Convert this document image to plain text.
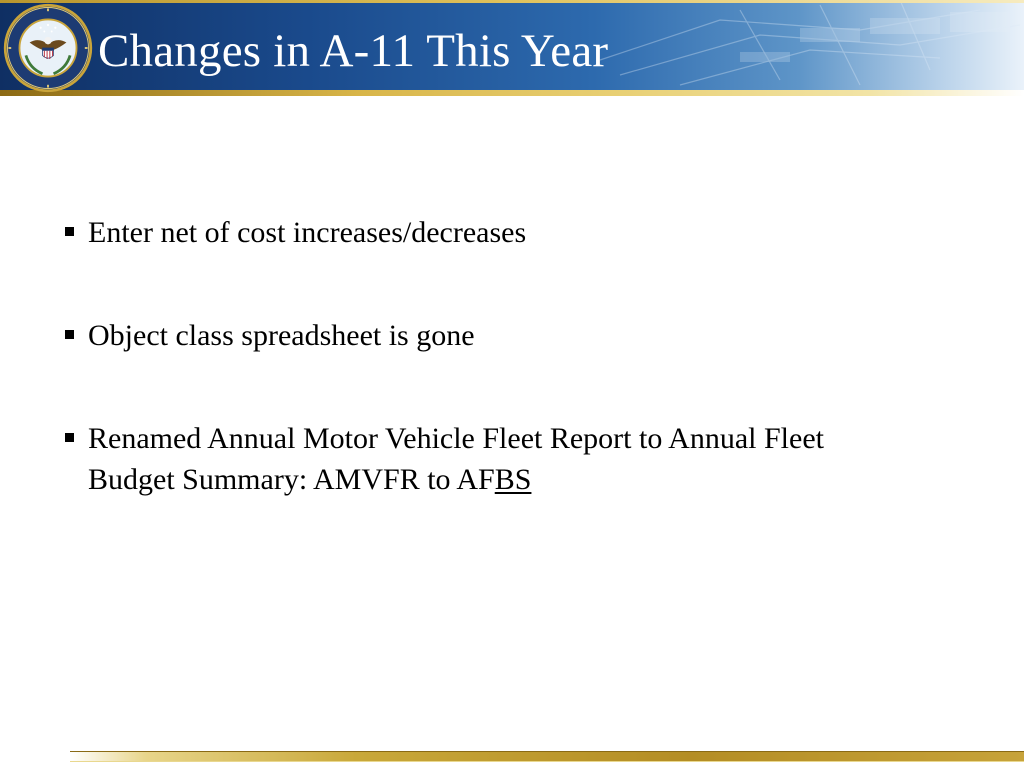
Changes in A-11 This Year
Enter net of cost increases/decreases
Object class spreadsheet is gone
Renamed Annual Motor Vehicle Fleet Report to Annual Fleet
Budget Summary: AMVFR to AFBS
